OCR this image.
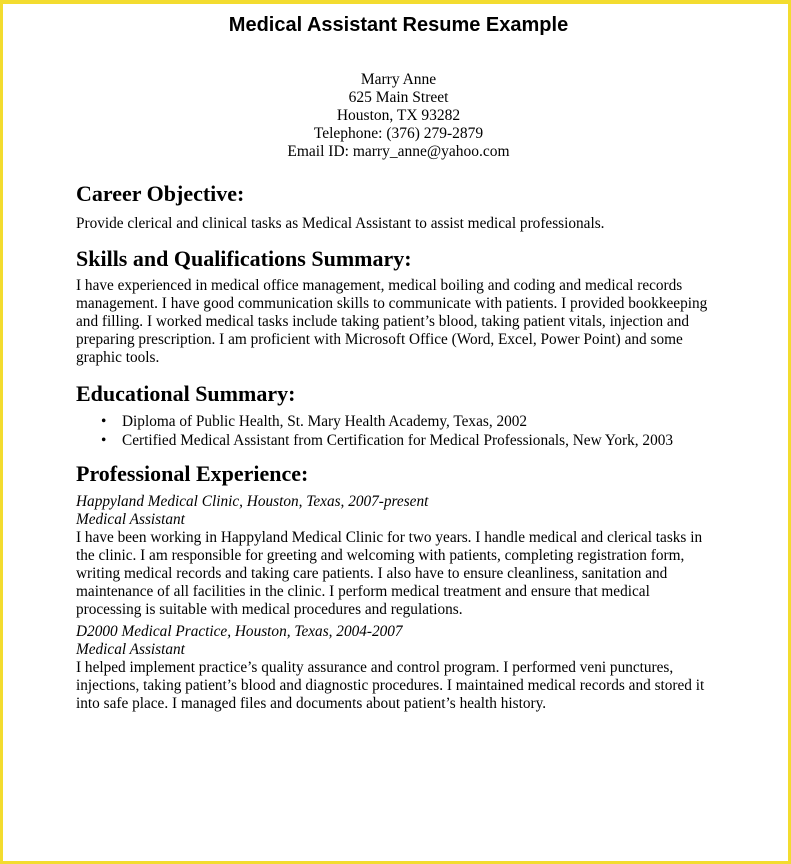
Medical Assistant Resume Example
Marry Anne
625 Main Street
Houston, TX 93282
Telephone: (376) 279-2879
Email ID: marry_anne@yahoo.com
Career Objective:

Provide clerical and clinical tasks as Medical Assistant to assist medical professionals.

Skills and Qualifications Summary:
I have experienced in medical office management, medical boiling and coding and medical records
management. I have good communication skills to communicate with patients. I provided bookkeeping
and filling. I worked medical tasks include taking patient’s blood, taking patient vitals, injection and
preparing prescription. I am proficient with Microsoft Office (Word, Excel, Power Point) and some
graphic tools.
Educational Summary:
• Diploma of Public Health, St. Mary Health Academy, Texas, 2002
• Certified Medical Assistant from Certification for Medical Professionals, New York, 2003
Professional Experience:
Happyland Medical Clinic, Houston, Texas, 2007-present
Medical Assistant
I have been working in Happyland Medical Clinic for two years. I handle medical and clerical tasks in
the clinic. I am responsible for greeting and welcoming with patients, completing registration form,
writing medical records and taking care patients. I also have to ensure cleanliness, sanitation and
maintenance of all facilities in the clinic. I perform medical treatment and ensure that medical
processing is suitable with medical procedures and regulations.
D2000 Medical Practice, Houston, Texas, 2004-2007
Medical Assistant
I helped implement practice’s quality assurance and control program. I performed veni punctures,
injections, taking patient’s blood and diagnostic procedures. I maintained medical records and stored it
into safe place. I managed files and documents about patient’s health history.
